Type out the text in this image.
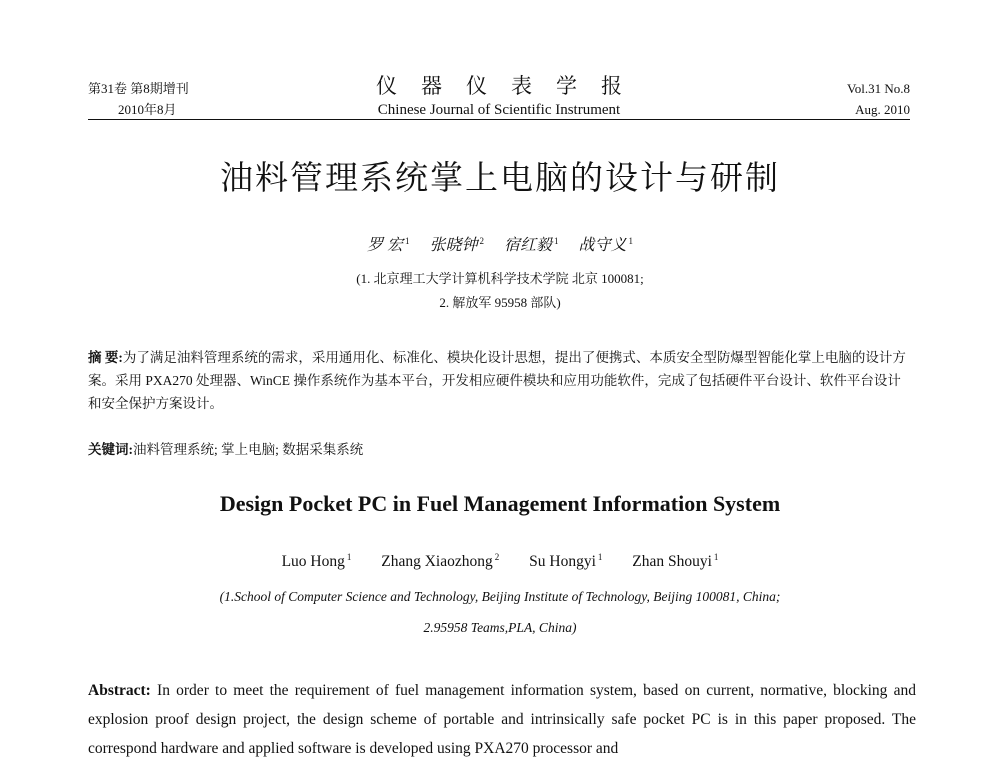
第31卷 第8期增刊
2010年8月
仪器仪表学报
Chinese Journal of Scientific Instrument
Vol.31 No.8
Aug. 2010
油料管理系统掌上电脑的设计与研制
罗 宏 $^1$ 张晓钟 $^2$ 宿红毅 $^1$ 战守义 $^1$
(1. 北京理工大学计算机科学技术学院 北京 100081;
2. 解放军 95958 部队)
摘 要:为了满足油料管理系统的需求，采用通用化、标准化、模块化设计思想，提出了便携式、本质安全型防爆型智能化掌上电脑的设计方案。采用 PXA270 处理器、WinCE 操作系统作为基本平台，开发相应硬件模块和应用功能软件，完成了包括硬件平台设计、软件平台设计和安全保护方案设计。
关键词:油料管理系统; 掌上电脑; 数据采集系统
Design Pocket PC in Fuel Management Information System
Luo Hong $^1$ Zhang Xiaozhong $^2$ Su Hongyi $^1$ Zhan Shouyi $^1$
(1.School of Computer Science and Technology, Beijing Institute of Technology, Beijing 100081, China;
2.95958 Teams,PLA, China)
Abstract: In order to meet the requirement of fuel management information system, based on current, normative, blocking and explosion proof design project, the design scheme of portable and intrinsically safe pocket PC is in this paper proposed. The correspond hardware and applied software is developed using PXA270 processor and
